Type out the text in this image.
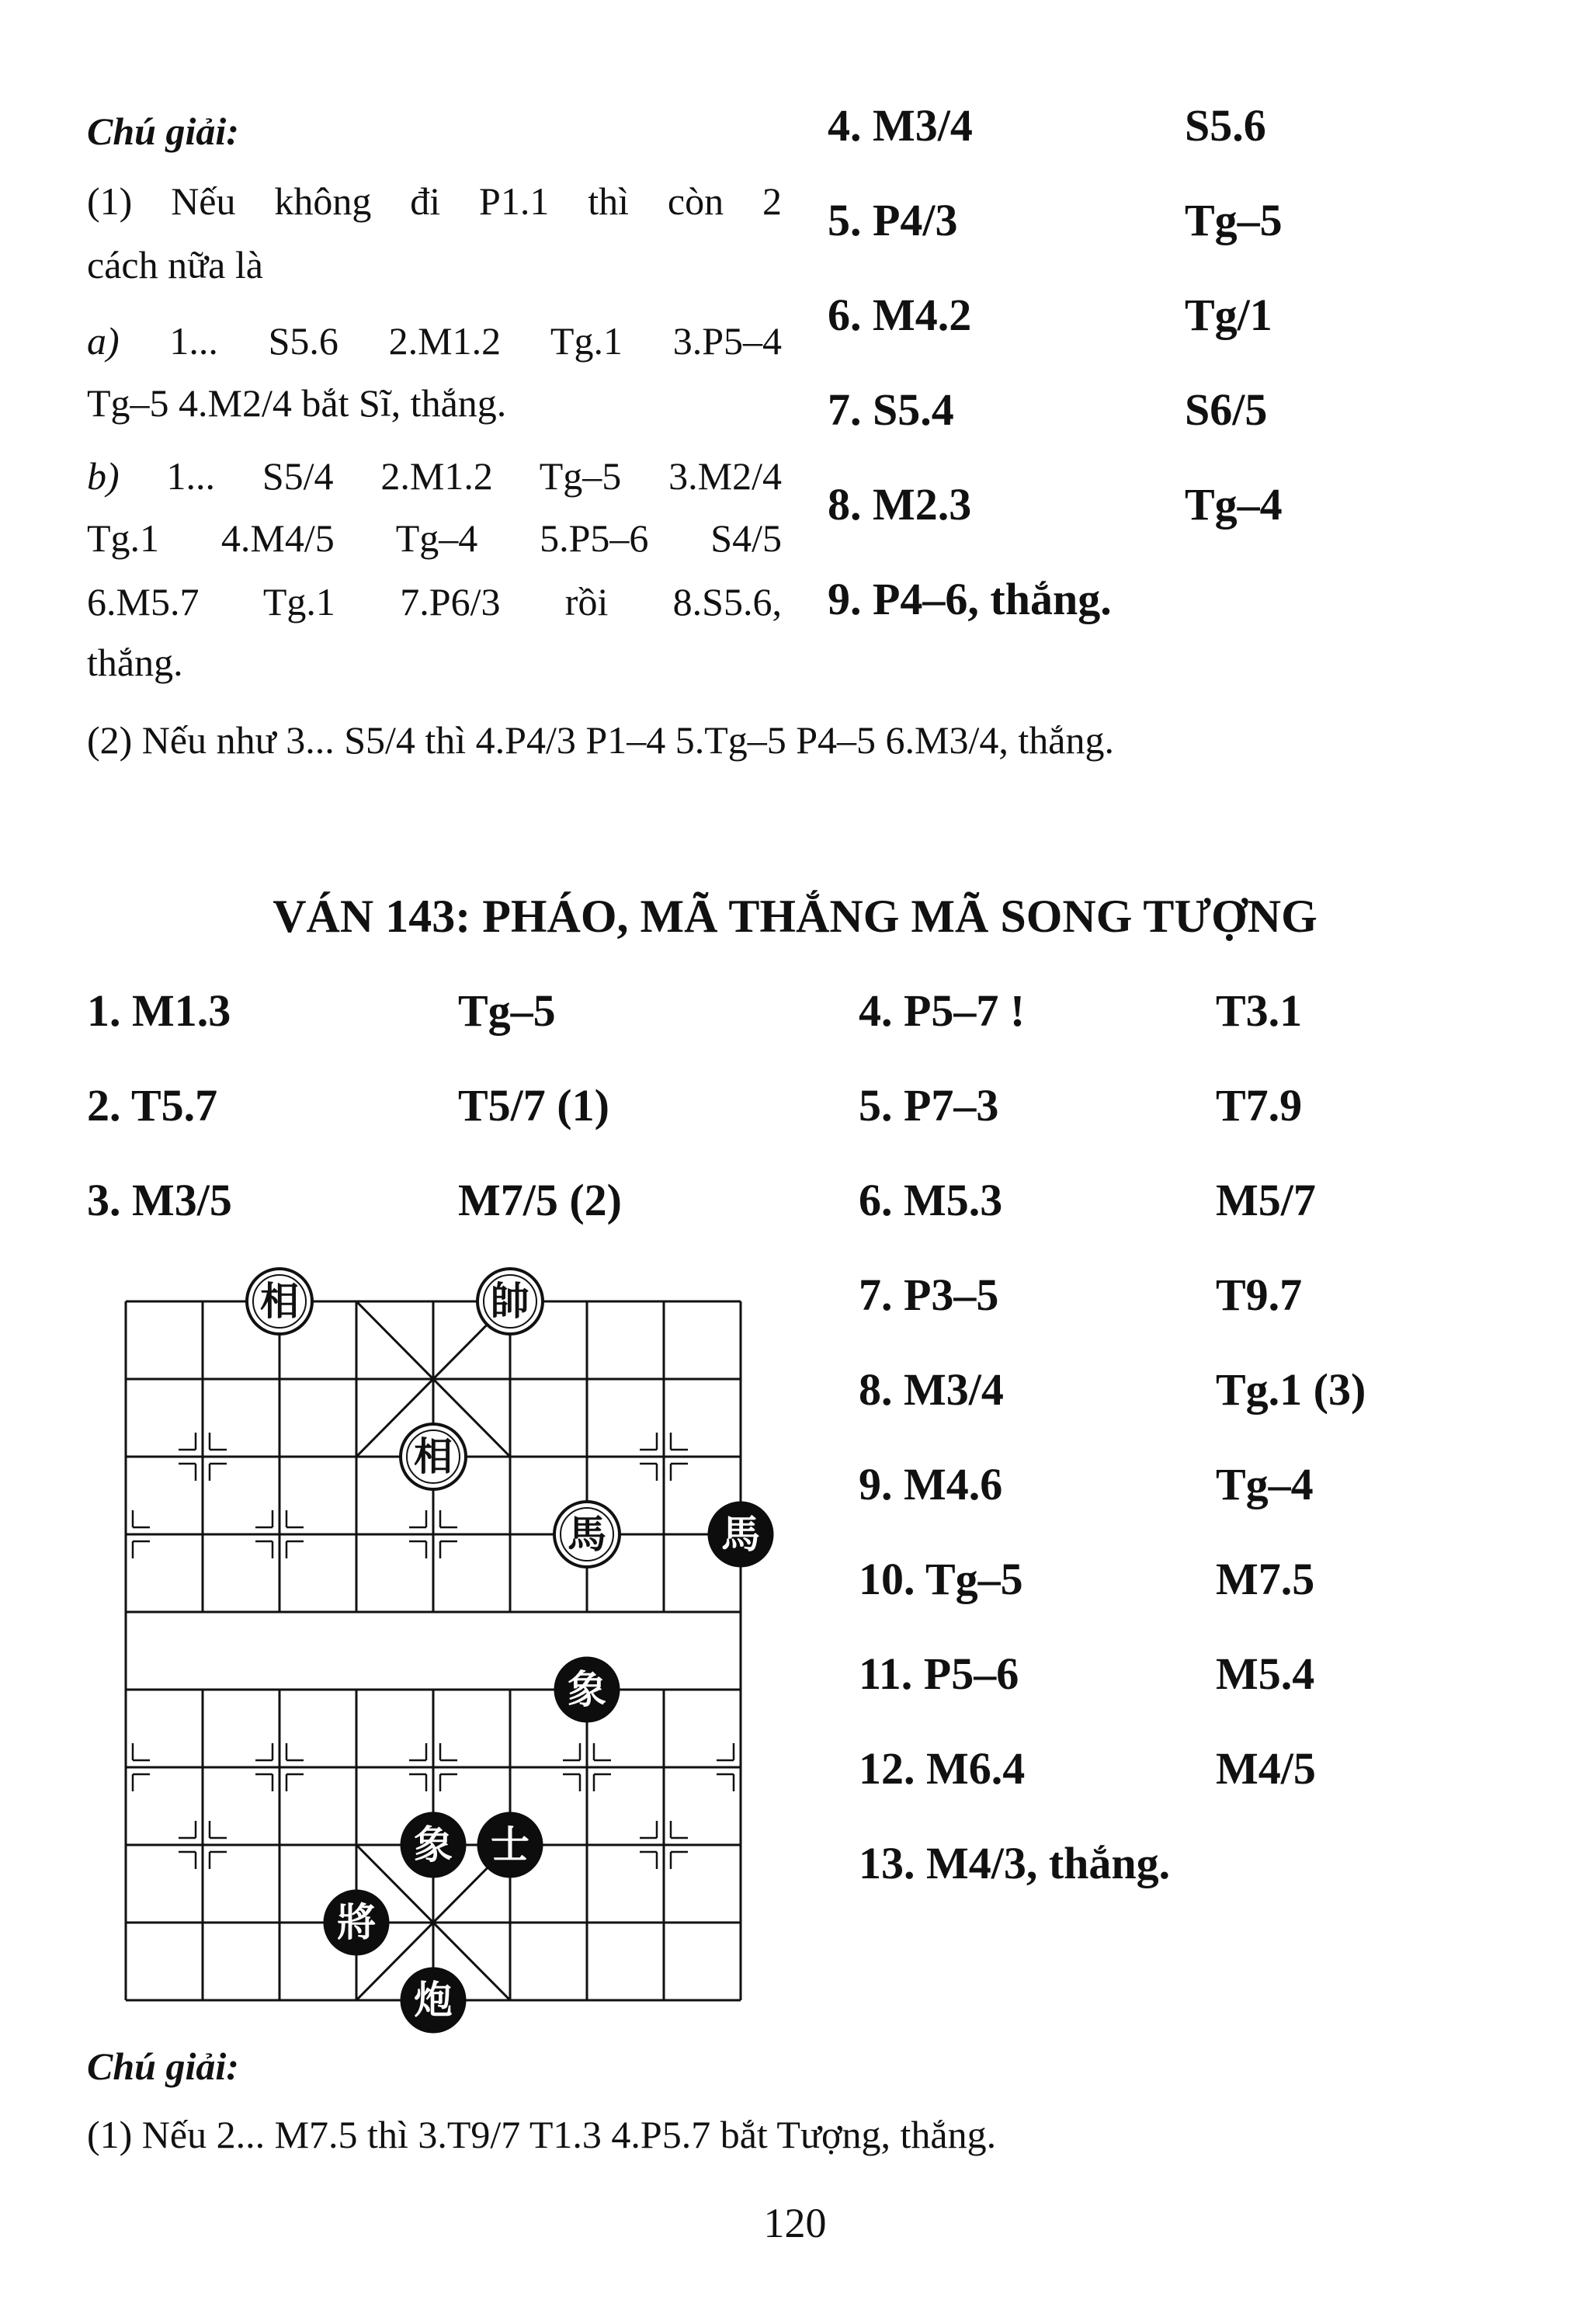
Chú giải:
(1) Nếu không đi P1.1 thì còn 2
cách nữa là
a) 1... S5.6 2.M1.2 Tg.1 3.P5–4
Tg–5 4.M2/4 bắt Sĩ, thắng.
b) 1... S5/4 2.M1.2 Tg–5 3.M2/4
Tg.1 4.M4/5 Tg–4 5.P5–6 S4/5
6.M5.7 Tg.1 7.P6/3 rồi 8.S5.6,
thắng.
(2) Nếu như 3... S5/4 thì 4.P4/3 P1–4 5.Tg–5 P4–5 6.M3/4, thắng.
4. M3/4	S5.6
5. P4/3	Tg–5
6. M4.2	Tg/1
7. S5.4	S6/5
8. M2.3	Tg–4
9. P4–6, thắng.
VÁN 143: PHÁO, MÃ THẮNG MÃ SONG TƯỢNG
1. M1.3	Tg–5
2. T5.7	T5/7 (1)
3. M3/5	M7/5 (2)
4. P5–7 !	T3.1
5. P7–3	T7.9
6. M5.3	M5/7
7. P3–5	T9.7
8. M3/4	Tg.1 (3)
9. M4.6	Tg–4
10. Tg–5	M7.5
11. P5–6	M5.4
12. M6.4	M4/5
13. M4/3, thắng.
相	帥
相
馬	馬
象
象 士
將
炮
Chú giải:
(1) Nếu 2... M7.5 thì 3.T9/7 T1.3 4.P5.7 bắt Tượng, thắng.
120
